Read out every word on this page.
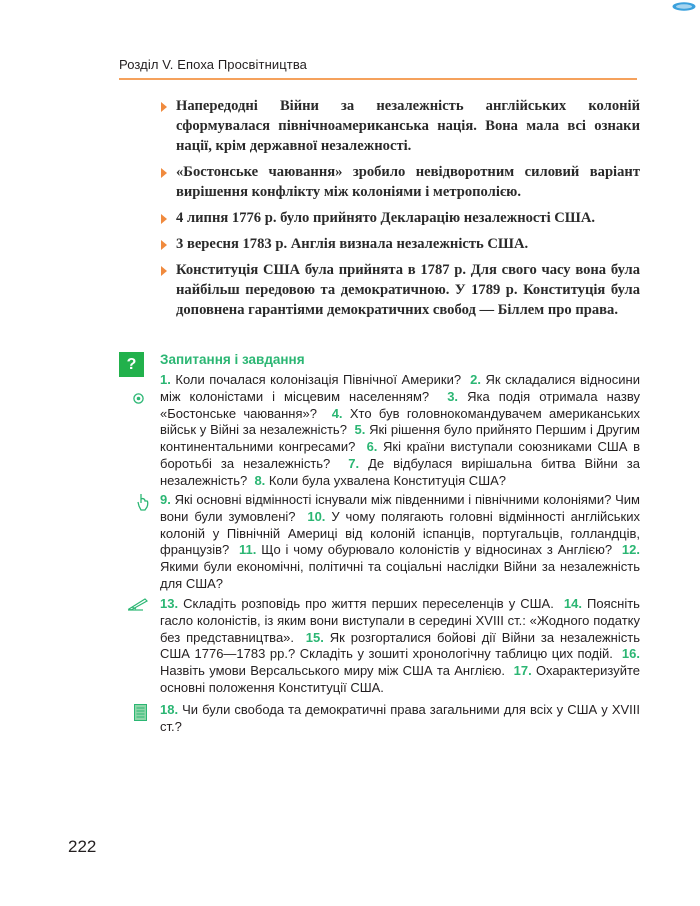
Розділ V. Епоха Просвітництва
Напередодні Війни за незалежність англійських колоній сформувалася північноамериканська нація. Вона мала всі ознаки нації, крім державної незалежності.
«Бостонське чаювання» зробило невідворотним силовий варіант вирішення конфлікту між колоніями і метрополією.
4 липня 1776 р. було прийнято Декларацію незалежності США.
3 вересня 1783 р. Англія визнала незалежність США.
Конституція США була прийнята в 1787 р. Для свого часу вона була найбільш передовою та демократичною. У 1789 р. Конституція була доповнена гарантіями демократичних свобод — Біллем про права.
?	Запитання і завдання
1. Коли почалася колонізація Північної Америки? 2. Як складалися відносини між колоністами і місцевим населенням? 3. Яка подія отримала назву «Бостонське чаювання»? 4. Хто був головнокомандувачем американських військ у Війні за незалежність? 5. Які рішення було прийнято Першим і Другим континентальними конгресами? 6. Які країни виступали союзниками США в боротьбі за незалежність? 7. Де відбулася вирішальна битва Війни за незалежність? 8. Коли була ухвалена Конституція США?
9. Які основні відмінності існували між південними і північними колоніями? Чим вони були зумовлені? 10. У чому полягають головні відмінності англійських колоній у Північній Америці від колоній іспанців, португальців, голландців, французів? 11. Що і чому обурювало колоністів у відносинах з Англією? 12. Якими були економічні, політичні та соціальні наслідки Війни за незалежність для США?
13. Складіть розповідь про життя перших переселенців у США. 14. Поясніть гасло колоністів, із яким вони виступали в середині XVIII ст.: «Жодного податку без представництва». 15. Як розгорталися бойові дії Війни за незалежність США 1776—1783 рр.? Складіть у зошиті хронологічну таблицю цих подій. 16. Назвіть умови Версальського миру між США та Англією. 17. Охарактеризуйте основні положення Конституції США.
18. Чи були свобода та демократичні права загальними для всіх у США у XVIII ст.?
222
